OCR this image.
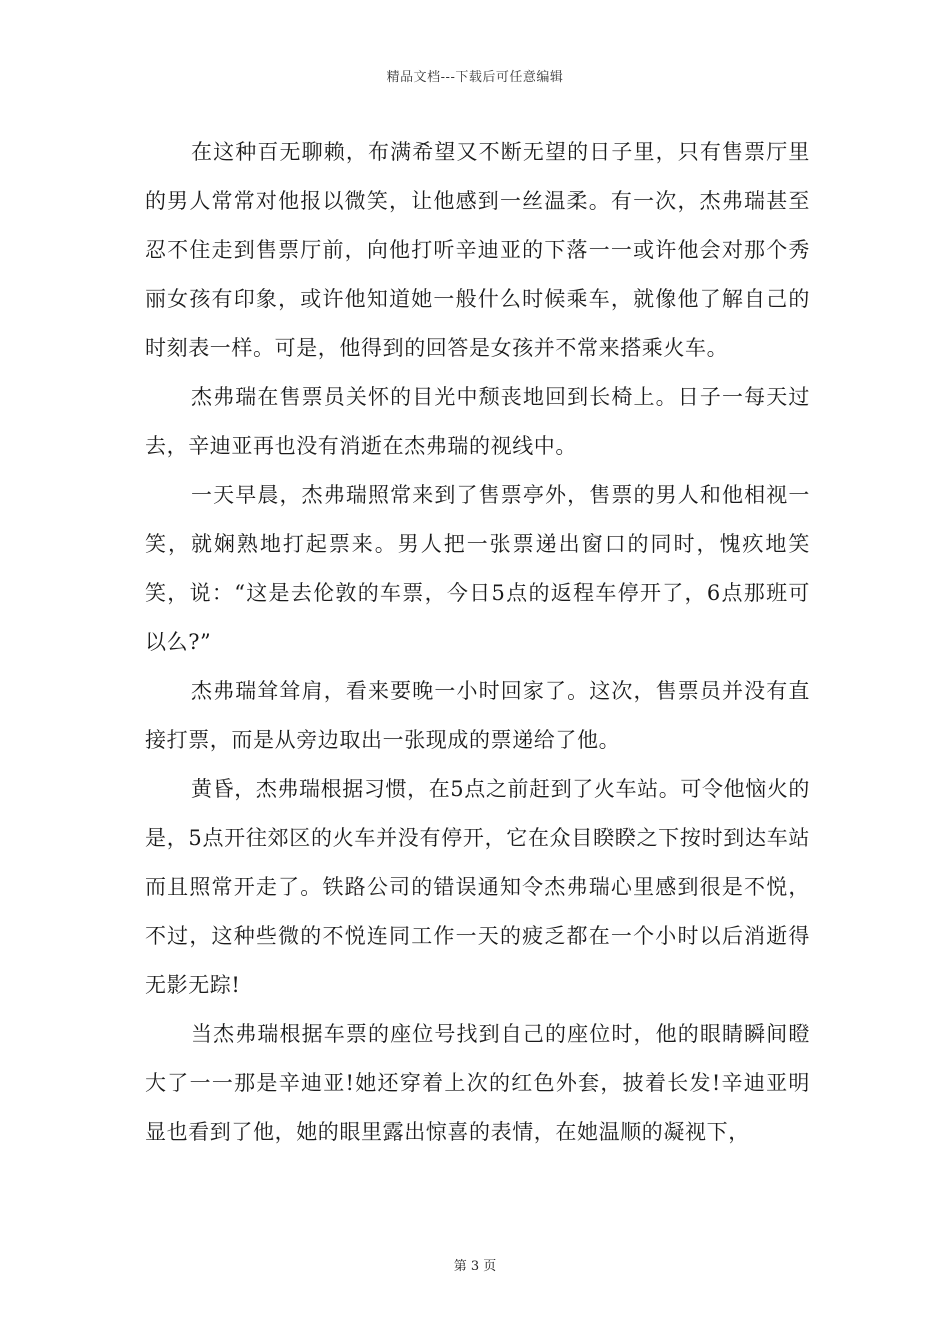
精品文档---下载后可任意编辑

在这种百无聊赖，布满希望又不断无望的日子里，只有售票厅里的男人常常对他报以微笑，让他感到一丝温柔。有一次，杰弗瑞甚至忍不住走到售票厅前，向他打听辛迪亚的下落一一或许他会对那个秀丽女孩有印象，或许他知道她一般什么时候乘车，就像他了解自己的时刻表一样。可是，他得到的回答是女孩并不常来搭乘火车。

杰弗瑞在售票员关怀的目光中颓丧地回到长椅上。日子一每天过去，辛迪亚再也没有消逝在杰弗瑞的视线中。

一天早晨，杰弗瑞照常来到了售票亭外，售票的男人和他相视一笑，就娴熟地打起票来。男人把一张票递出窗口的同时，愧疚地笑笑，说：“这是去伦敦的车票，今日5点的返程车停开了，6点那班可以么?”

杰弗瑞耸耸肩，看来要晚一小时回家了。这次，售票员并没有直接打票，而是从旁边取出一张现成的票递给了他。

黄昏，杰弗瑞根据习惯，在5点之前赶到了火车站。可令他恼火的是，5点开往郊区的火车并没有停开，它在众目睽睽之下按时到达车站而且照常开走了。铁路公司的错误通知令杰弗瑞心里感到很是不悦，不过，这种些微的不悦连同工作一天的疲乏都在一个小时以后消逝得无影无踪!

当杰弗瑞根据车票的座位号找到自己的座位时，他的眼睛瞬间瞪大了一一那是辛迪亚!她还穿着上次的红色外套，披着长发!辛迪亚明显也看到了他，她的眼里露出惊喜的表情，在她温顺的凝视下，

第 3 页
